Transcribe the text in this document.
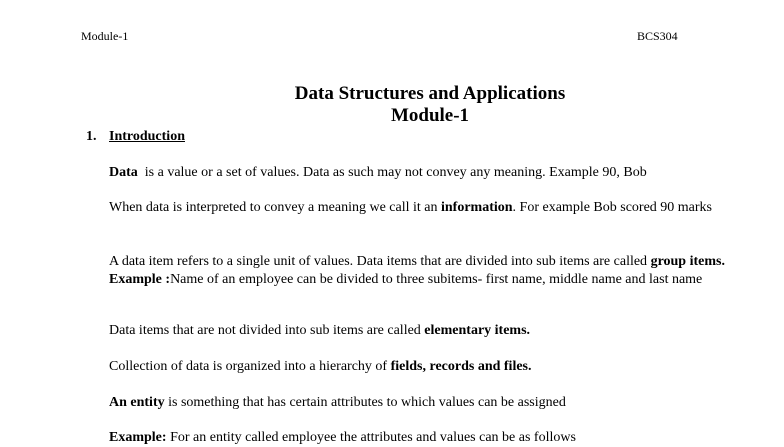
Module-1	BCS304
Data Structures and Applications
Module-1
1. Introduction

Data  is a value or a set of values. Data as such may not convey any meaning. Example 90, Bob

When data is interpreted to convey a meaning we call it an information. For example Bob scored 90 marks

A data item refers to a single unit of values. Data items that are divided into sub items are called group items. Example :Name of an employee can be divided to three subitems- first name, middle name and last name

Data items that are not divided into sub items are called elementary items.

Collection of data is organized into a hierarchy of fields, records and files.

An entity is something that has certain attributes to which values can be assigned

Example: For an entity called employee the attributes and values can be as follows
